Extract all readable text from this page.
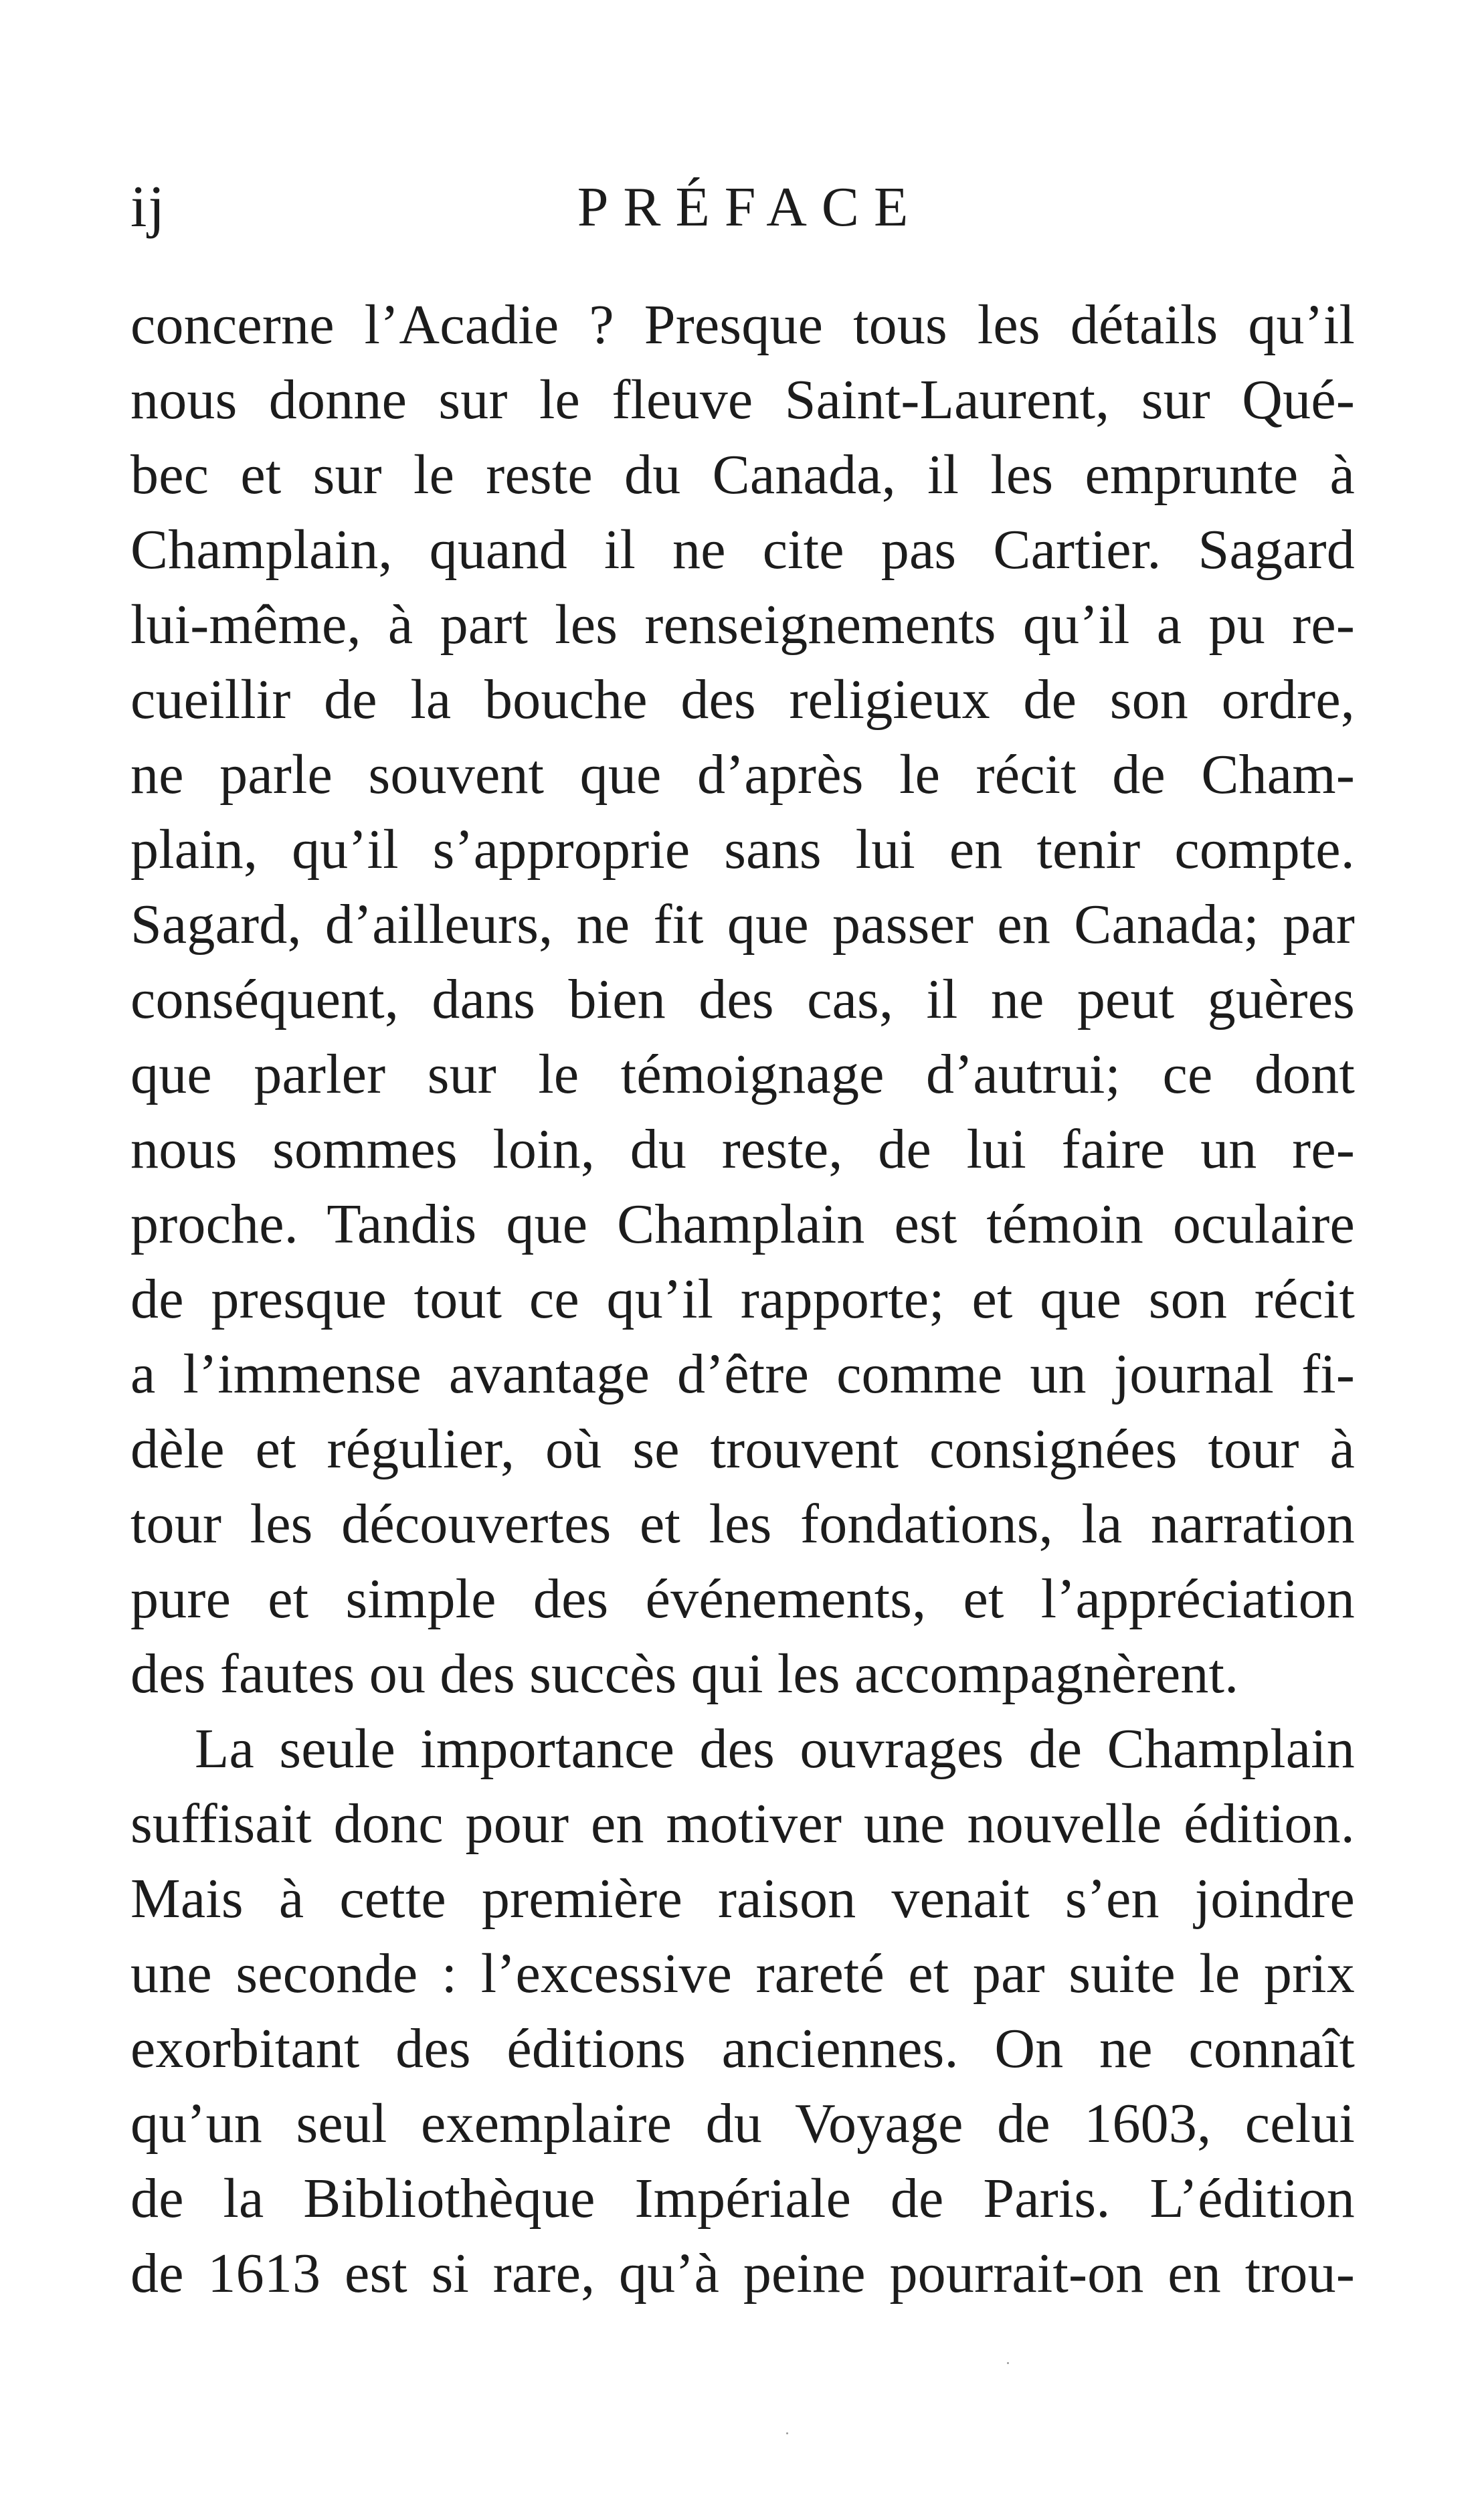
ij	PRÉFACE
concerne l’Acadie ? Presque tous les détails qu’il
nous donne sur le fleuve Saint-Laurent, sur Qué-
bec et sur le reste du Canada, il les emprunte à
Champlain, quand il ne cite pas Cartier. Sagard
lui-même, à part les renseignements qu’il a pu re-
cueillir de la bouche des religieux de son ordre,
ne parle souvent que d’après le récit de Cham-
plain, qu’il s’approprie sans lui en tenir compte.
Sagard, d’ailleurs, ne fit que passer en Canada; par
conséquent, dans bien des cas, il ne peut guères
que parler sur le témoignage d’autrui; ce dont
nous sommes loin, du reste, de lui faire un re-
proche. Tandis que Champlain est témoin oculaire
de presque tout ce qu’il rapporte; et que son récit
a l’immense avantage d’être comme un journal fi-
dèle et régulier, où se trouvent consignées tour à
tour les découvertes et les fondations, la narration
pure et simple des événements, et l’appréciation
des fautes ou des succès qui les accompagnèrent.
La seule importance des ouvrages de Champlain
suffisait donc pour en motiver une nouvelle édition.
Mais à cette première raison venait s’en joindre
une seconde : l’excessive rareté et par suite le prix
exorbitant des éditions anciennes. On ne connaît
qu’un seul exemplaire du Voyage de 1603, celui
de la Bibliothèque Impériale de Paris. L’édition
de 1613 est si rare, qu’à peine pourrait-on en trou-
